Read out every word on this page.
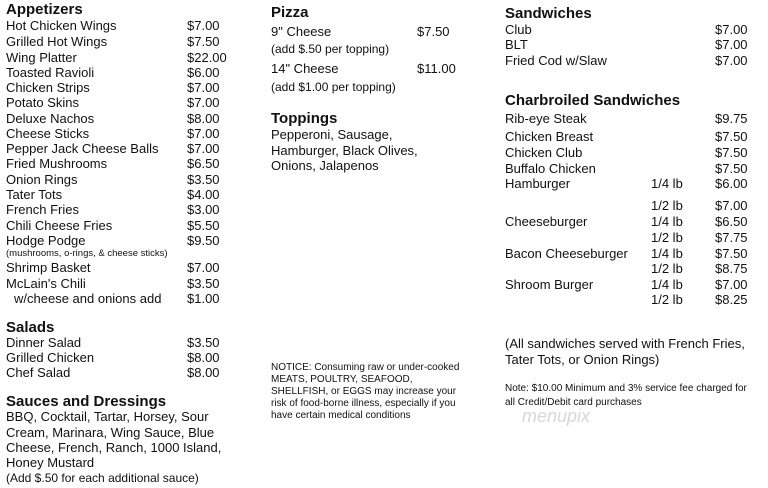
Appetizers
Hot Chicken Wings	$7.00
Grilled Hot Wings	$7.50
Wing Platter	$22.00
Toasted Ravioli	$6.00
Chicken Strips	$7.00
Potato Skins	$7.00
Deluxe Nachos	$8.00
Cheese Sticks	$7.00
Pepper Jack Cheese Balls $7.00
Fried Mushrooms	$6.50
Onion Rings	$3.50
Tater Tots	$4.00
French Fries	$3.00
Chili Cheese Fries	$5.50
Hodge Podge	$9.50
(mushrooms, o-rings, & cheese sticks)
Shrimp Basket	$7.00
McLain's Chili	$3.50
w/cheese and onions add $1.00
Salads
Dinner Salad	$3.50
Grilled Chicken	$8.00
Chef Salad	$8.00
Sauces and Dressings
BBQ, Cocktail, Tartar, Horsey, Sour
Cream, Marinara, Wing Sauce, Blue
Cheese, French, Ranch, 1000 Island,
Honey Mustard
(Add $.50 for each additional sauce)
Pizza
9" Cheese	$7.50
(add $.50 per topping)
14" Cheese	$11.00
(add $1.00 per topping)
Toppings
Pepperoni, Sausage,
Hamburger, Black Olives,
Onions, Jalapenos
NOTICE: Consuming raw or under-cooked
MEATS, POULTRY, SEAFOOD,
SHELLFISH, or EGGS may increase your
risk of food-borne illness, especially if you
have certain medical conditions
Sandwiches
Club	$7.00
BLT	$7.00
Fried Cod w/Slaw	$7.00
Charbroiled Sandwiches
Rib-eye Steak	$9.75
Chicken Breast	$7.50
Chicken Club	$7.50
Buffalo Chicken	$7.50
Hamburger	1/4 lb $6.00
1/2 lb $7.00
Cheeseburger	1/4 lb $6.50
1/2 lb $7.75
Bacon Cheeseburger 1/4 lb $7.50
1/2 lb $8.75
Shroom Burger	1/4 lb $7.00
1/2 lb $8.25
(All sandwiches served with French Fries,
Tater Tots, or Onion Rings)
Note: $10.00 Minimum and 3% service fee charged for
all Credit/Debit card purchases
menupix
